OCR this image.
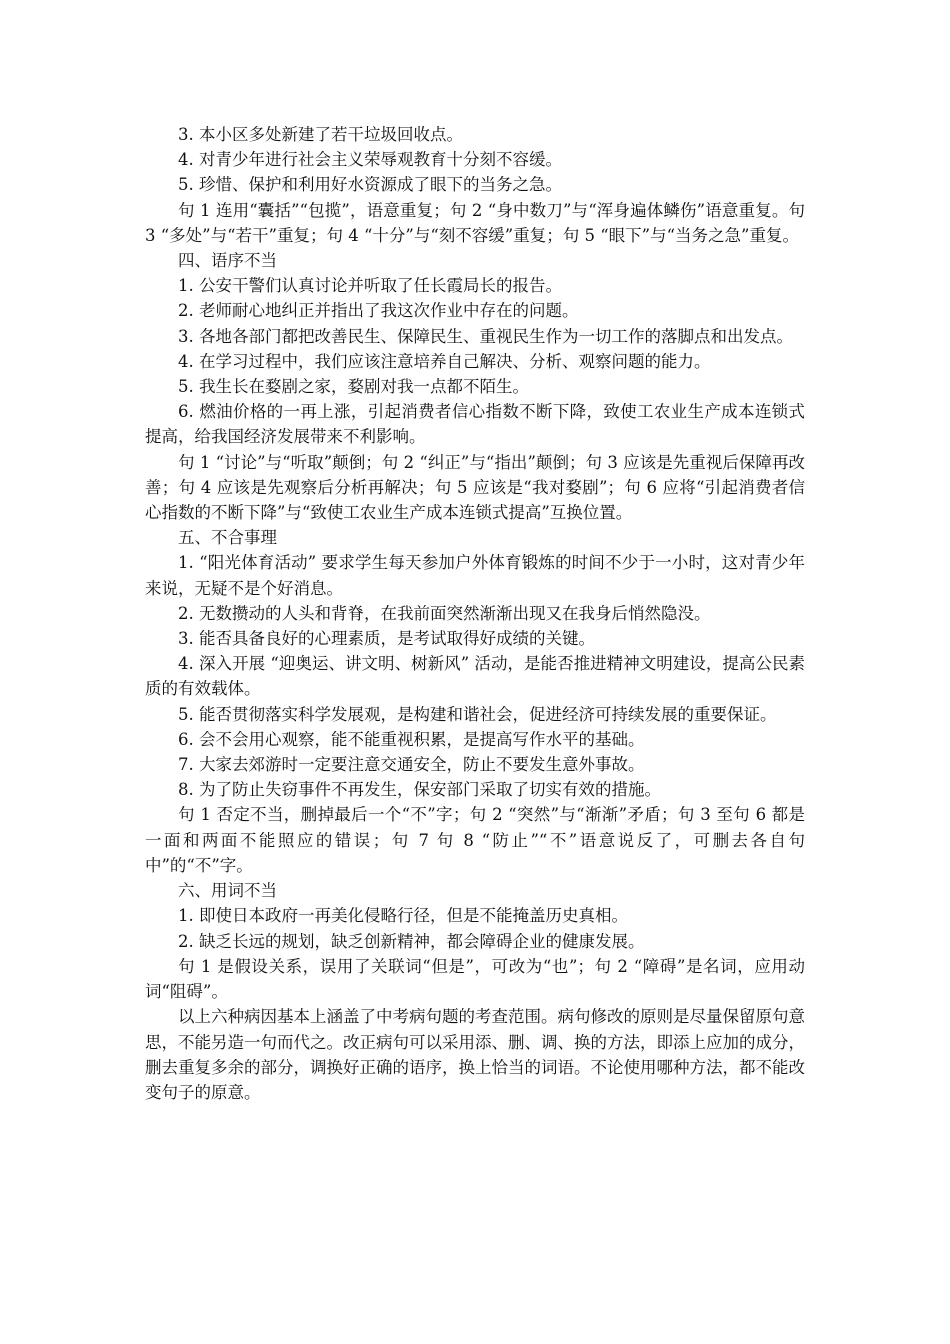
3. 本小区多处新建了若干垃圾回收点。

4. 对青少年进行社会主义荣辱观教育十分刻不容缓。

5. 珍惜、保护和利用好水资源成了眼下的当务之急。

句 1 连用“囊括”“包揽”，语意重复；句 2 “身中数刀”与“浑身遍体鳞伤”语意重复。句 3 “多处”与“若干”重复；句 4 “十分”与“刻不容缓”重复；句 5 “眼下”与“当务之急”重复。

四、语序不当

1. 公安干警们认真讨论并听取了任长霞局长的报告。

2. 老师耐心地纠正并指出了我这次作业中存在的问题。

3. 各地各部门都把改善民生、保障民生、重视民生作为一切工作的落脚点和出发点。

4. 在学习过程中，我们应该注意培养自己解决、分析、观察问题的能力。

5. 我生长在婺剧之家，婺剧对我一点都不陌生。

6. 燃油价格的一再上涨，引起消费者信心指数不断下降，致使工农业生产成本连锁式提高，给我国经济发展带来不利影响。

句 1 “讨论”与“听取”颠倒；句 2 “纠正”与“指出”颠倒；句 3 应该是先重视后保障再改善；句 4 应该是先观察后分析再解决；句 5 应该是“我对婺剧”；句 6 应将“引起消费者信心指数的不断下降”与“致使工农业生产成本连锁式提高”互换位置。

五、不合事理

1. “阳光体育活动” 要求学生每天参加户外体育锻炼的时间不少于一小时，这对青少年来说，无疑不是个好消息。

2. 无数攒动的人头和背脊，在我前面突然渐渐出现又在我身后悄然隐没。

3. 能否具备良好的心理素质，是考试取得好成绩的关键。

4. 深入开展 “迎奥运、讲文明、树新风” 活动，是能否推进精神文明建设，提高公民素质的有效载体。

5. 能否贯彻落实科学发展观，是构建和谐社会，促进经济可持续发展的重要保证。

6. 会不会用心观察，能不能重视积累，是提高写作水平的基础。

7. 大家去郊游时一定要注意交通安全，防止不要发生意外事故。

8. 为了防止失窃事件不再发生，保安部门采取了切实有效的措施。

句 1 否定不当，删掉最后一个“不”字；句 2 “突然”与“渐渐”矛盾；句 3 至句 6 都是一面和两面不能照应的错误；句 7 句 8 “防止”“不”语意说反了，可删去各自句中”的“不”字。

六、用词不当

1. 即使日本政府一再美化侵略行径，但是不能掩盖历史真相。

2. 缺乏长远的规划，缺乏创新精神，都会障碍企业的健康发展。

句 1 是假设关系，误用了关联词“但是”，可改为“也”；句 2 “障碍”是名词，应用动词“阻碍”。

以上六种病因基本上涵盖了中考病句题的考查范围。病句修改的原则是尽量保留原句意思，不能另造一句而代之。改正病句可以采用添、删、调、换的方法，即添上应加的成分，删去重复多余的部分，调换好正确的语序，换上恰当的词语。不论使用哪种方法，都不能改变句子的原意。
